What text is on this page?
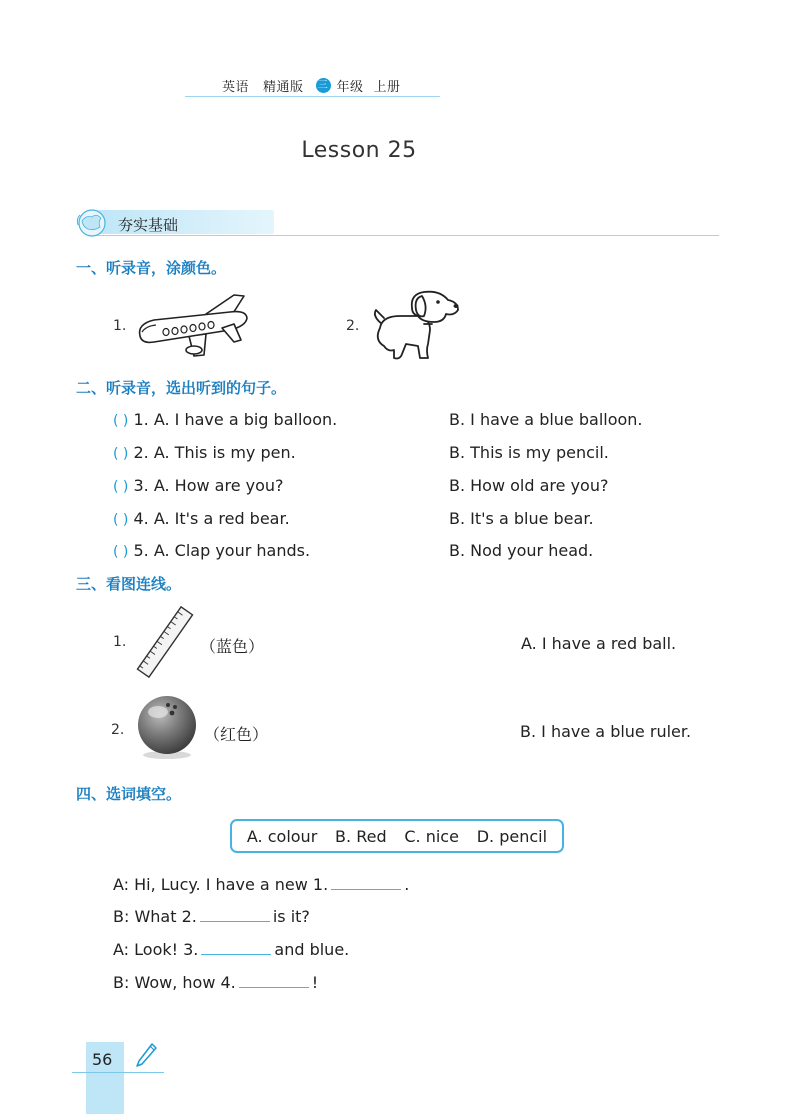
英语 精通版 三 年级 上册
Lesson 25
夯实基础
一、听录音，涂颜色。
1.	2.
二、听录音，选出听到的句子。
( ) 1. A. I have a big balloon.	B. I have a blue balloon.
( ) 2. A. This is my pen.	B. This is my pencil.
( ) 3. A. How are you?	B. How old are you?
( ) 4. A. It's a red bear.	B. It's a blue bear.
( ) 5. A. Clap your hands.	B. Nod your head.
三、看图连线。
1.	（蓝色）	A. I have a red ball.
2.	（红色）	B. I have a blue ruler.
四、选词填空。
A. colour B. Red C. nice D. pencil
A: Hi, Lucy. I have a new 1.	.
B: What 2.	is it?
A: Look! 3.	and blue.
B: Wow, how 4.	!
56
